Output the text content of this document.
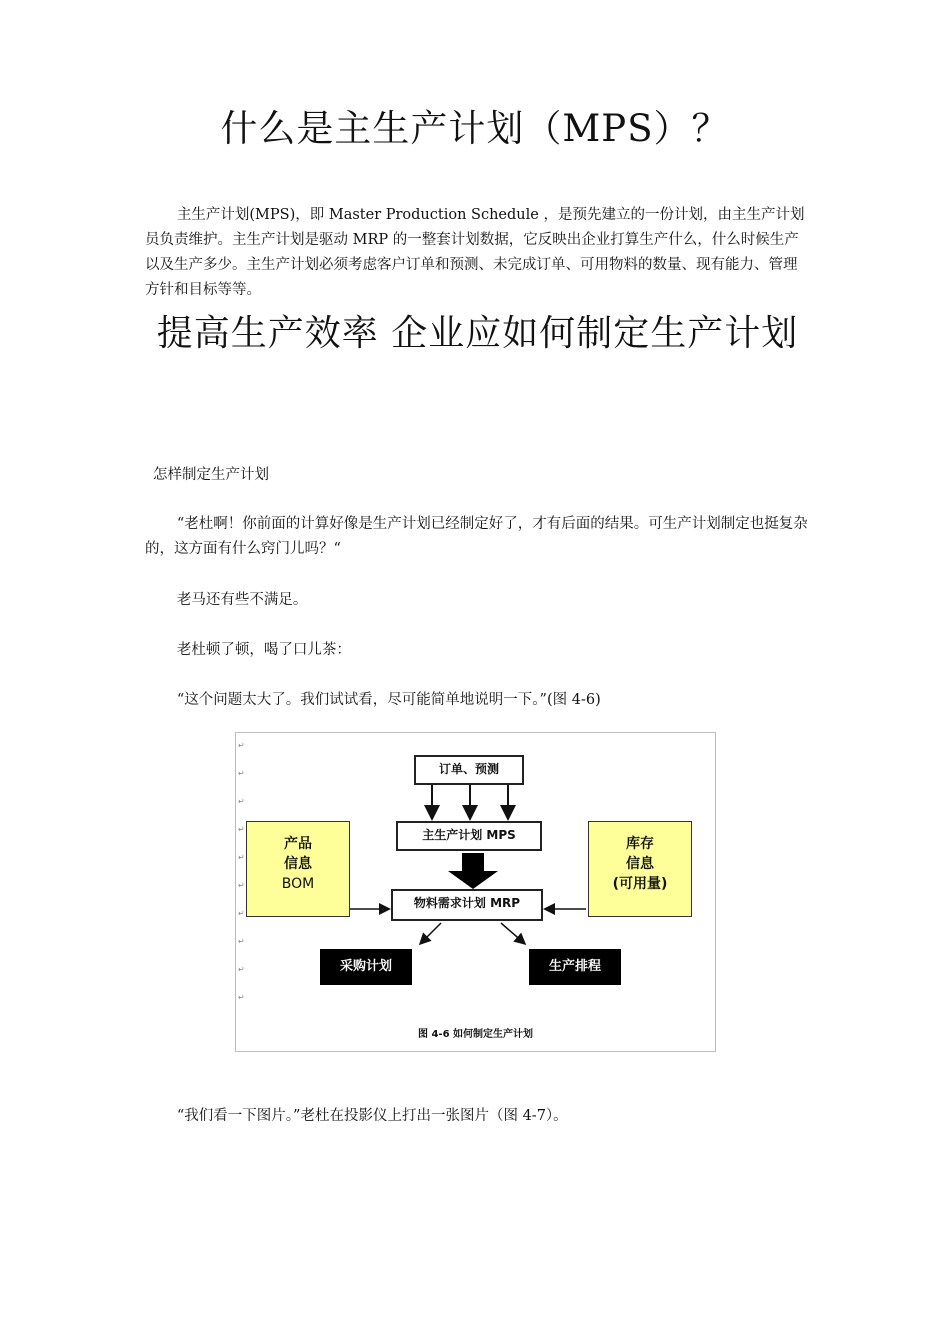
什么是主生产计划（MPS）？

主生产计划(MPS)，即 Master Production Schedule ，是预先建立的一份计划，由主生产计划员负责维护。主生产计划是驱动 MRP 的一整套计划数据，它反映出企业打算生产什么，什么时候生产以及生产多少。主生产计划必须考虑客户订单和预测、未完成订单、可用物料的数量、现有能力、管理方针和目标等等。

提高生产效率 企业应如何制定生产计划

怎样制定生产计划

“老杜啊！你前面的计算好像是生产计划已经制定好了，才有后面的结果。可生产计划制定也挺复杂的，这方面有什么窍门儿吗？“

老马还有些不满足。

老杜顿了顿，喝了口儿茶：

“这个问题太大了。我们试试看，尽可能简单地说明一下。”(图 4-6)

↵
↵
↵
↵
↵
↵
↵
↵
↵
↵
订单、预测
主生产计划 MPS
物料需求计划 MRP
产品
信息
BOM
库存
信息
(可用量)
采购计划	生产排程
图 4-6 如何制定生产计划

“我们看一下图片。”老杜在投影仪上打出一张图片（图 4-7）。
